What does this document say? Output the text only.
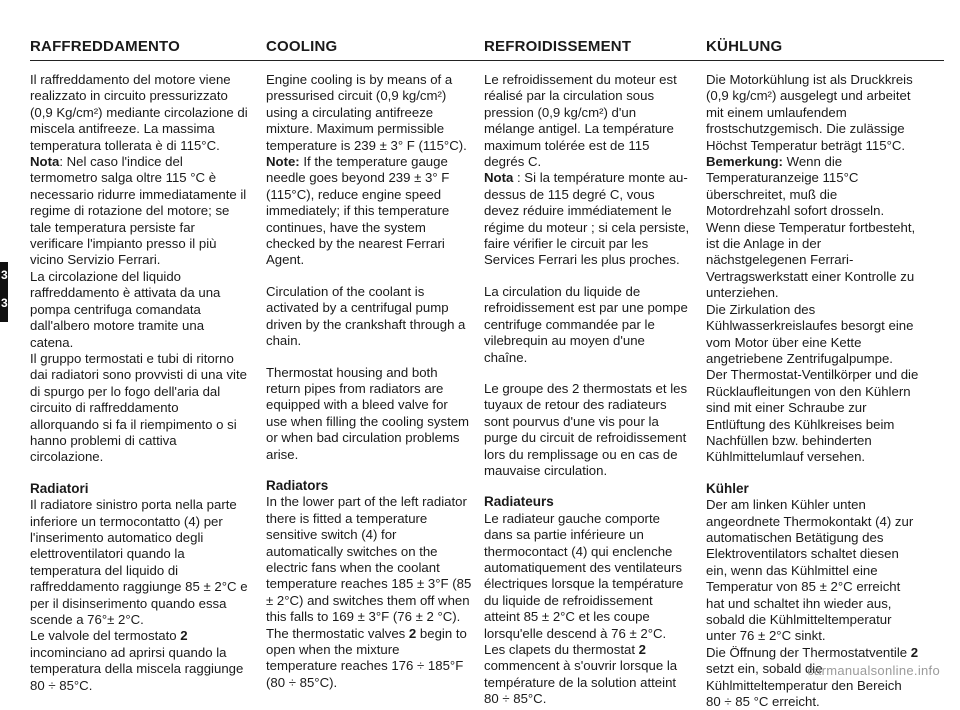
3
3
RAFFREDDAMENTO	COOLING	REFROIDISSEMENT	KÜHLUNG

Il raffreddamento del motore viene realizzato in circuito pressurizzato (0,9 Kg/cm²) mediante circolazione di miscela antifreeze. La massima temperatura tollerata è di 115°C.

Nota: Nel caso l'indice del termometro salga oltre 115 °C è necessario ridurre immediatamente il regime di rotazione del motore; se tale temperatura persiste far verificare l'impianto presso il più vicino Servizio Ferrari.

La circolazione del liquido raffreddamento è attivata da una pompa centrifuga comandata dall'albero motore tramite una catena.

Il gruppo termostati e tubi di ritorno dai radiatori sono provvisti di una vite di spurgo per lo fogo dell'aria dal circuito di raffreddamento allorquando si fa il riempimento o si hanno problemi di cattiva circolazione.

Radiatori

Il radiatore sinistro porta nella parte inferiore un termocontatto (4) per l'inserimento automatico degli elettroventilatori quando la temperatura del liquido di raffreddamento raggiunge 85 ± 2°C e per il disinserimento quando essa scende a 76°± 2°C.

Le valvole del termostato 2 incominciano ad aprirsi quando la temperatura della miscela raggiunge 80 ÷ 85°C.

Engine cooling is by means of a pressurised circuit (0,9 kg/cm²) using a circulating antifreeze mixture. Maximum permissible temperature is 239 ± 3° F (115°C).

Note: If the temperature gauge needle goes beyond 239 ± 3° F (115°C), reduce engine speed immediately; if this temperature continues, have the system checked by the nearest Ferrari Agent.

Circulation of the coolant is activated by a centrifugal pump driven by the crankshaft through a chain.

Thermostat housing and both return pipes from radiators are equipped with a bleed valve for use when filling the cooling system or when bad circulation problems arise.

Radiators

In the lower part of the left radiator there is fitted a temperature sensitive switch (4) for automatically switches on the electric fans when the coolant temperature reaches 185 ± 3°F (85 ± 2°C) and switches them off when this falls to 169 ± 3°F (76 ± 2 °C).

The thermostatic valves 2 begin to open when the mixture temperature reaches 176 ÷ 185°F (80 ÷ 85°C).

Le refroidissement du moteur est réalisé par la circulation sous pression (0,9 kg/cm²) d'un mélange antigel. La température maximum tolérée est de 115 degrés C.

Nota : Si la température monte au-dessus de 115 degré C, vous devez réduire immédiatement le régime du moteur ; si cela persiste, faire vérifier le circuit par les Services Ferrari les plus proches.

La circulation du liquide de refroidissement est par une pompe centrifuge commandée par le vilebrequin au moyen d'une chaîne.

Le groupe des 2 thermostats et les tuyaux de retour des radiateurs sont pourvus d'une vis pour la purge du circuit de refroidissement lors du remplissage ou en cas de mauvaise circulation.

Radiateurs

Le radiateur gauche comporte dans sa partie inférieure un thermocontact (4) qui enclenche automatiquement des ventilateurs électriques lorsque la température du liquide de refroidissement atteint 85 ± 2°C et les coupe lorsqu'elle descend à 76 ± 2°C.

Les clapets du thermostat 2 commencent à s'ouvrir lorsque la température de la solution atteint 80 ÷ 85°C.

Die Motorkühlung ist als Druckkreis (0,9 kg/cm²) ausgelegt und arbeitet mit einem umlaufendem frostschutzgemisch. Die zulässige Höchst Temperatur beträgt 115°C.

Bemerkung: Wenn die Temperaturanzeige 115°C überschreitet, muß die Motordrehzahl sofort drosseln. Wenn diese Temperatur fortbesteht, ist die Anlage in der nächstgelegenen Ferrari-Vertragswerkstatt einer Kontrolle zu unterziehen.

Die Zirkulation des Kühlwasserkreislaufes besorgt eine vom Motor über eine Kette angetriebene Zentrifugalpumpe.

Der Thermostat-Ventilkörper und die Rücklaufleitungen von den Kühlern sind mit einer Schraube zur Entlüftung des Kühlkreises beim Nachfüllen bzw. behinderten Kühlmittelumlauf versehen.

Kühler

Der am linken Kühler unten angeordnete Thermokontakt (4) zur automatischen Betätigung des Elektroventilators schaltet diesen ein, wenn das Kühlmittel eine Temperatur von 85 ± 2°C erreicht hat und schaltet ihn wieder aus, sobald die Kühlmitteltemperatur unter 76 ± 2°C sinkt.

Die Öffnung der Thermostatventile 2 setzt ein, sobald die Kühlmitteltemperatur den Bereich 80 ÷ 85 °C erreicht.

carmanualsonline.info
